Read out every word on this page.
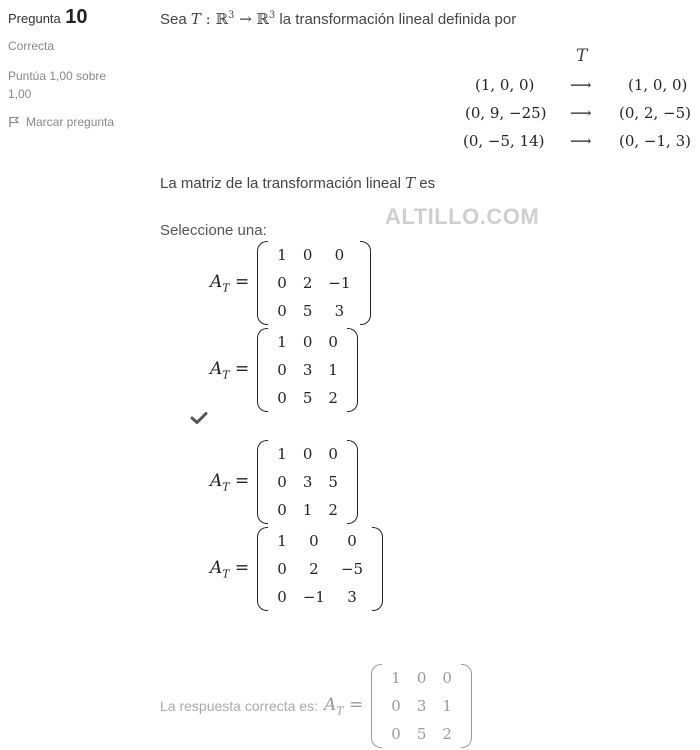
Pregunta 10
Correcta
Puntúa 1,00 sobre 1,00
Marcar pregunta
Sea T : ℝ$^3$ → ℝ$^3$ la transformación lineal definida por
T
(1, 0, 0) ⟶ (1, 0, 0)
(0, 9, −25) ⟶ (0, 2, −5)
(0, −5, 14) ⟶ (0, −1, 3)
La matriz de la transformación lineal T es
ALTILLO.COM
Seleccione una:
$A_T$ =
1	0	0
0	2	−1
0	5	3
$A_T$ =
1	0	0
0	3	1
0	5	2
$A_T$ =
1	0	0
0	3	5
0	1	2
$A_T$ =
1	0	0
0	2	−5
0	−1	3
La respuesta correcta es: $A_T$ =
1	0	0
0	3	1
0	5	2
